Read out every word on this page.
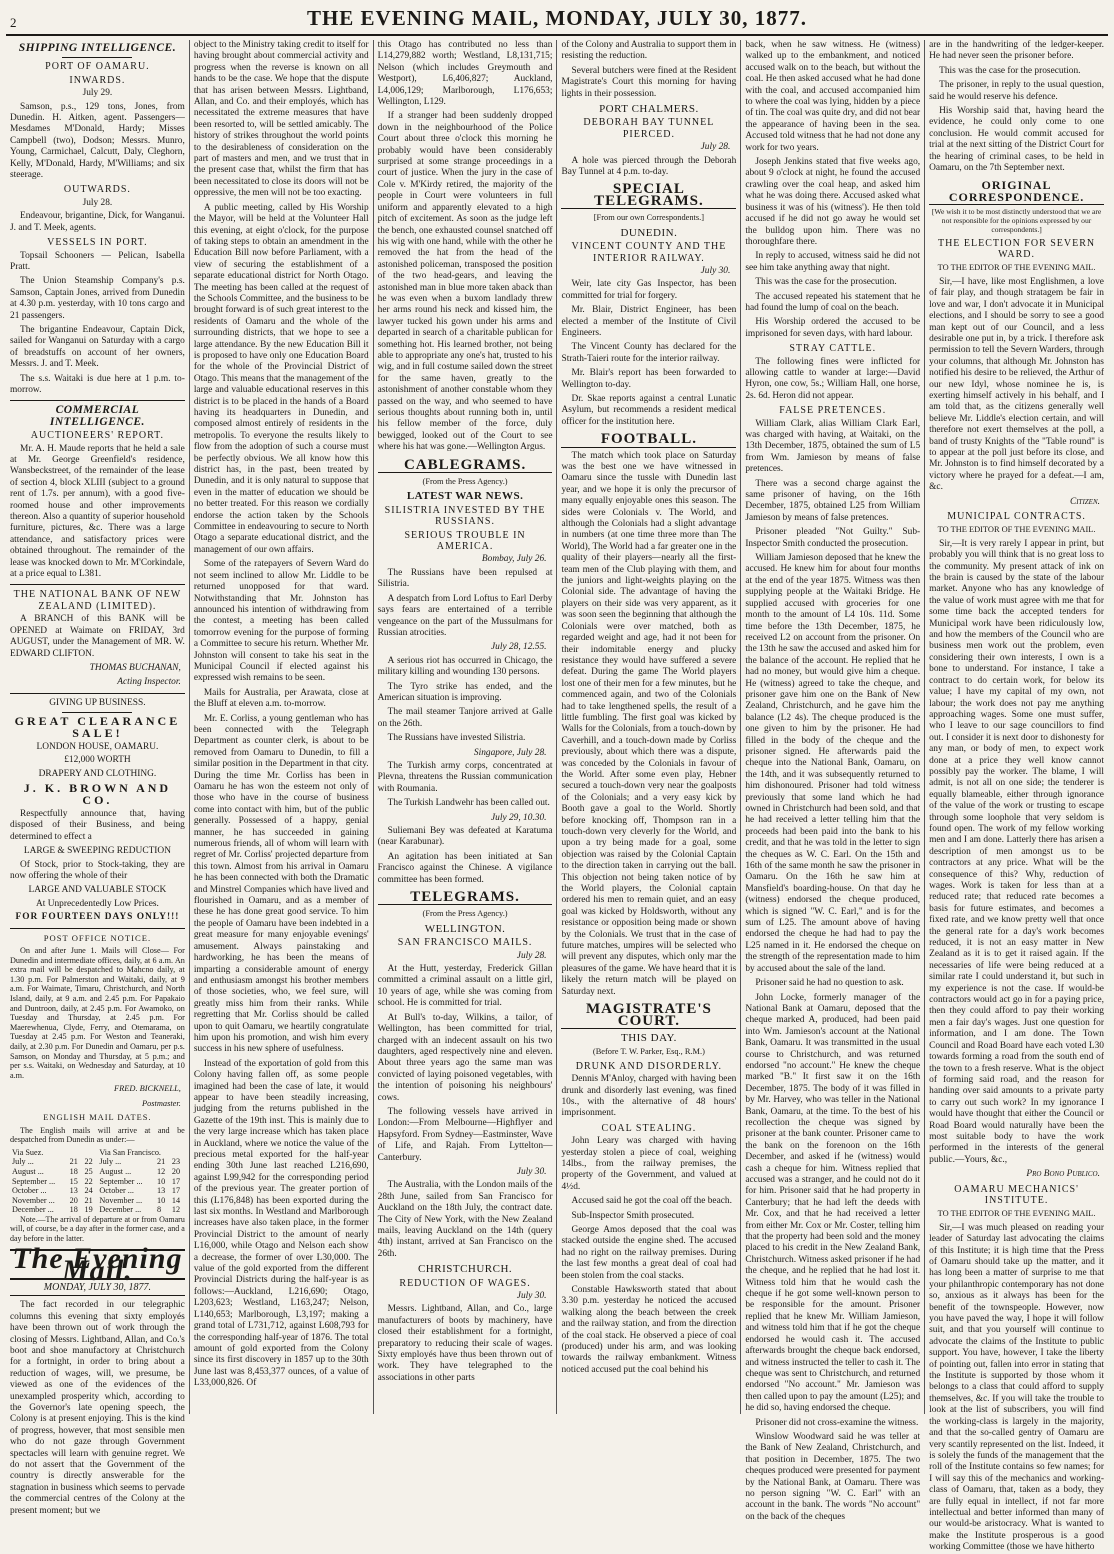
2	THE EVENING MAIL, MONDAY, JULY 30, 1877.
SHIPPING INTELLIGENCE.
PORT OF OAMARU.
INWARDS.
July 29.

Samson, p.s., 129 tons, Jones, from Dunedin. H. Aitken, agent. Passengers—Mesdames M'Donald, Hardy; Misses Campbell (two), Dodson; Messrs. Munro, Young, Carmichael, Calcutt, Daly, Cleghorn, Kelly, M'Donald, Hardy, M'Williams; and six steerage.

OUTWARDS.
July 28.

Endeavour, brigantine, Dick, for Wanganui. J. and T. Meek, agents.

VESSELS IN PORT.

Topsail Schooners — Pelican, Isabella Pratt.

The Union Steamship Company's p.s. Samson, Captain Jones, arrived from Dunedin at 4.30 p.m. yesterday, with 10 tons cargo and 21 passengers.

The brigantine Endeavour, Captain Dick, sailed for Wanganui on Saturday with a cargo of breadstuffs on account of her owners, Messrs. J. and T. Meek.

The s.s. Waitaki is due here at 1 p.m. to-morrow.

COMMERCIAL INTELLIGENCE.
AUCTIONEERS' REPORT.

Mr. A. H. Maude reports that he held a sale at Mr. George Greenfield's residence, Wansbeckstreet, of the remainder of the lease of section 4, block XLIII (subject to a ground rent of 1.7s. per annum), with a good five-roomed house and other improvements thereon. Also a quantity of superior household furniture, pictures, &c. There was a large attendance, and satisfactory prices were obtained throughout. The remainder of the lease was knocked down to Mr. M'Corkindale, at a price equal to L381.

THE NATIONAL BANK OF NEW ZEALAND (LIMITED).

A BRANCH of this BANK will be OPENED at Waimate on FRIDAY, 3rd AUGUST, under the Management of MR. W. EDWARD CLIFTON.

THOMAS BUCHANAN,
Acting Inspector.
GIVING UP BUSINESS.
GREAT CLEARANCE SALE!
LONDON HOUSE, OAMARU.
£12,000 WORTH
DRAPERY AND CLOTHING.
J. K. BROWN AND CO.

Respectfully announce that, having disposed of their Business, and being determined to effect a

LARGE & SWEEPING REDUCTION

Of Stock, prior to Stock-taking, they are now offering the whole of their

LARGE AND VALUABLE STOCK
At Unprecedentedly Low Prices.
FOR FOURTEEN DAYS ONLY!!!
POST OFFICE NOTICE.

On and after June 1. Mails will Close— For Dunedin and intermediate offices, daily, at 6 a.m. An extra mail will be despatched to Mahcno daily, at 1.30 p.m. For Palmerston and Waitaki, daily, at 9 a.m. For Waimate, Timaru, Christchurch, and North Island, daily, at 9 a.m. and 2.45 p.m. For Papakaio and Duntroon, daily, at 2.45 p.m. For Awamoko, on Tuesday and Thursday, at 2.45 p.m. For Maerewhenua, Clyde, Ferry, and Otemarama, on Tuesday at 2.45 p.m. For Weston and Teaneraki, daily, at 2.30 p.m. For Dunedin and Oamaru, per p.s. Samson, on Monday and Thursday, at 5 p.m.; and per s.s. Waitaki, on Wednesday and Saturday, at 10 a.m.

FRED. BICKNELL,
Postmaster.
ENGLISH MAIL DATES.

The English mails will arrive at and be despatched from Dunedin as under:—

Via Suez.			Via San Francisco.		
July ...	21	22	July ...	21	23
August ...	18	25	August ...	12	20
September ...	15	22	September ...	10	17
October ...	13	24	October ...	13	17
November ...	20	21	November ...	10	14
December ...	18	19	December ...	8	12

Note.—The arrival of departure at or from Oamaru will, of course, be a day after in the former case, and a day before in the latter.

The Evening Mail.
MONDAY, JULY 30, 1877.

The fact recorded in our telegraphic columns this evening that sixty employés have been thrown out of work through the closing of Messrs. Lightband, Allan, and Co.'s boot and shoe manufactory at Christchurch for a fortnight, in order to bring about a reduction of wages, will, we presume, be viewed as one of the evidences of the unexampled prosperity which, according to the Governor's late opening speech, the Colony is at present enjoying. This is the kind of progress, however, that most sensible men who do not gaze through Government spectacles will learn with genuine regret. We do not assert that the Government of the country is directly answerable for the stagnation in business which seems to pervade the commercial centres of the Colony at the present moment; but we

object to the Ministry taking credit to itself for having brought about commercial activity and progress when the reverse is known on all hands to be the case. We hope that the dispute that has arisen between Messrs. Lightband, Allan, and Co. and their employés, which has necessitated the extreme measures that have been resorted to, will be settled amicably. The history of strikes throughout the world points to the desirableness of consideration on the part of masters and men, and we trust that in the present case that, whilst the firm that has been necessitated to close its doors will not be oppressive, the men will not be too exacting.

A public meeting, called by His Worship the Mayor, will be held at the Volunteer Hall this evening, at eight o'clock, for the purpose of taking steps to obtain an amendment in the Education Bill now before Parliament, with a view of securing the establishment of a separate educational district for North Otago. The meeting has been called at the request of the Schools Committee, and the business to be brought forward is of such great interest to the residents of Oamaru and the whole of the surrounding districts, that we hope to see a large attendance. By the new Education Bill it is proposed to have only one Education Board for the whole of the Provincial District of Otago. This means that the management of the large and valuable educational reserves in this district is to be placed in the hands of a Board having its headquarters in Dunedin, and composed almost entirely of residents in the metropolis. To everyone the results likely to flow from the adoption of such a course must be perfectly obvious. We all know how this district has, in the past, been treated by Dunedin, and it is only natural to suppose that even in the matter of education we should be no better treated. For this reason we cordially endorse the action taken by the Schools Committee in endeavouring to secure to North Otago a separate educational district, and the management of our own affairs.

Some of the ratepayers of Severn Ward do not seem inclined to allow Mr. Liddle to be returned unopposed for that ward. Notwithstanding that Mr. Johnston has announced his intention of withdrawing from the contest, a meeting has been called tomorrow evening for the purpose of forming a Committee to secure his return. Whether Mr. Johnston will consent to take his seat in the Municipal Council if elected against his expressed wish remains to be seen.

Mails for Australia, per Arawata, close at the Bluff at eleven a.m. to-morrow.

Mr. E. Corliss, a young gentleman who has been connected with the Telegraph Department as counter clerk, is about to be removed from Oamaru to Dunedin, to fill a similar position in the Department in that city. During the time Mr. Corliss has been in Oamaru he has won the esteem not only of those who have in the course of business come into contact with him, but of the public generally. Possessed of a happy, genial manner, he has succeeded in gaining numerous friends, all of whom will learn with regret of Mr. Corliss' projected departure from this town. Almost from his arrival in Oamaru he has been connected with both the Dramatic and Minstrel Companies which have lived and flourished in Oamaru, and as a member of these he has done great good service. To him the people of Oamaru have been indebted in a great measure for many enjoyable evenings' amusement. Always painstaking and hardworking, he has been the means of imparting a considerable amount of energy and enthusiasm amongst his brother members of those societies, who, we feel sure, will greatly miss him from their ranks. While regretting that Mr. Corliss should be called upon to quit Oamaru, we heartily congratulate him upon his promotion, and wish him every success in his new sphere of usefulness.

Instead of the exportation of gold from this Colony having fallen off, as some people imagined had been the case of late, it would appear to have been steadily increasing, judging from the returns published in the Gazette of the 19th inst. This is mainly due to the very large increase which has taken place in Auckland, where we notice the value of the precious metal exported for the half-year ending 30th June last reached L216,690, against L99,942 for the corresponding period of the previous year. The greater portion of this (L176,848) has been exported during the last six months. In Westland and Marlborough increases have also taken place, in the former Provincial District to the amount of nearly L16,000, while Otago and Nelson each show a decrease, the former of over L30,000. The value of the gold exported from the different Provincial Districts during the half-year is as follows:—Auckland, L216,690; Otago, L203,623; Westland, L163,247; Nelson, L140,653; Marlborough, L3,197; making a grand total of L731,712, against L608,793 for the corresponding half-year of 1876. The total amount of gold exported from the Colony since its first discovery in 1857 up to the 30th June last was 8,453,377 ounces, of a value of L33,000,826. Of

this Otago has contributed no less than L14,279,882 worth; Westland, L8,131,715; Nelson (which includes Greymouth and Westport), L6,406,827; Auckland, L4,006,129; Marlborough, L176,653; Wellington, L129.

If a stranger had been suddenly dropped down in the neighbourhood of the Police Court about three o'clock this morning he probably would have been considerably surprised at some strange proceedings in a court of justice. When the jury in the case of Cole v. M'Kirdy retired, the majority of the people in Court were volunteers in full uniform and apparently elevated to a high pitch of excitement. As soon as the judge left the bench, one exhausted counsel snatched off his wig with one hand, while with the other he removed the hat from the head of the astonished policeman, transposed the position of the two head-gears, and leaving the astonished man in blue more taken aback than he was even when a buxom landlady threw her arms round his neck and kissed him, the lawyer tucked his gown under his arms and departed in search of a charitable publican for something hot. His learned brother, not being able to appropriate any one's hat, trusted to his wig, and in full costume sailed down the street for the same haven, greatly to the astonishment of another constable whom they passed on the way, and who seemed to have serious thoughts about running both in, until his fellow member of the force, duly bewigged, looked out of the Court to see where his hat was gone.—Wellington Argus.

CABLEGRAMS.
(From the Press Agency.)
LATEST WAR NEWS.
SILISTRIA INVESTED BY THE RUSSIANS.
SERIOUS TROUBLE IN AMERICA.
Bombay, July 26.

The Russians have been repulsed at Silistria.

A despatch from Lord Loftus to Earl Derby says fears are entertained of a terrible vengeance on the part of the Mussulmans for Russian atrocities.

July 28, 12.55.

A serious riot has occurred in Chicago, the military killing and wounding 130 persons.

The Tyro strike has ended, and the American situation is improving.

The mail steamer Tanjore arrived at Galle on the 26th.

The Russians have invested Silistria.

Singapore, July 28.

The Turkish army corps, concentrated at Plevna, threatens the Russian communication with Roumania.

The Turkish Landwehr has been called out.

July 29, 10.30.

Suliemani Bey was defeated at Karatuma (near Karabunar).

An agitation has been initiated at San Francisco against the Chinese. A vigilance committee has been formed.

TELEGRAMS.
(From the Press Agency.)
WELLINGTON.
SAN FRANCISCO MAILS.
July 28.

At the Hutt, yesterday, Frederick Gillan committed a criminal assault on a little girl, 10 years of age, while she was coming from school. He is committed for trial.

At Bull's to-day, Wilkins, a tailor, of Wellington, has been committed for trial, charged with an indecent assault on his two daughters, aged respectively nine and eleven. About three years ago the same man was convicted of laying poisoned vegetables, with the intention of poisoning his neighbours' cows.

The following vessels have arrived in London:—From Melbourne—Highflyer and Hapsyford. From Sydney—Eastminster, Wave of Life, and Rajah. From Lyttelton—Canterbury.

July 30.

The Australia, with the London mails of the 28th June, sailed from San Francisco for Auckland on the 18th July, the contract date. The City of New York, with the New Zealand mails, leaving Auckland on the 14th (query 4th) instant, arrived at San Francisco on the 26th.

CHRISTCHURCH.
REDUCTION OF WAGES.
July 30.

Messrs. Lightband, Allan, and Co., large manufacturers of boots by machinery, have closed their establishment for a fortnight, preparatory to reducing their scale of wages. Sixty employés have thus been thrown out of work. They have telegraphed to the associations in other parts

of the Colony and Australia to support them in resisting the reduction.

Several butchers were fined at the Resident Magistrate's Court this morning for having lights in their possession.

PORT CHALMERS.
DEBORAH BAY TUNNEL PIERCED.
July 28.

A hole was pierced through the Deborah Bay Tunnel at 4 p.m. to-day.

SPECIAL TELEGRAMS.
[From our own Correspondents.]
DUNEDIN.
VINCENT COUNTY AND THE INTERIOR RAILWAY.
July 30.

Weir, late city Gas Inspector, has been committed for trial for forgery.

Mr. Blair, District Engineer, has been elected a member of the Institute of Civil Engineers.

The Vincent County has declared for the Strath-Taieri route for the interior railway.

Mr. Blair's report has been forwarded to Wellington to-day.

Dr. Skae reports against a central Lunatic Asylum, but recommends a resident medical officer for the institution here.

FOOTBALL.

The match which took place on Saturday was the best one we have witnessed in Oamaru since the tussle with Dunedin last year, and we hope it is only the precursor of many equally enjoyable ones this season. The sides were Colonials v. The World, and although the Colonials had a slight advantage in numbers (at one time three more than The World), The World had a far greater one in the quality of their players—nearly all the first-team men of the Club playing with them, and the juniors and light-weights playing on the Colonial side. The advantage of having the players on their side was very apparent, as it was soon seen the beginning that although the Colonials were over matched, both as regarded weight and age, had it not been for their indomitable energy and plucky resistance they would have suffered a severe defeat. During the game The World players lost one of their men for a few minutes, but he commenced again, and two of the Colonials had to take lengthened spells, the result of a little fumbling. The first goal was kicked by Walls for the Colonials, from a touch-down by Caverhill, and a touch-down made by Corliss previously, about which there was a dispute, was conceded by the Colonials in favour of the World. After some even play, Hebner secured a touch-down very near the goalposts of the Colonials; and a very easy kick by Booth gave a goal to the World. Shortly before knocking off, Thompson ran in a touch-down very cleverly for the World, and upon a try being made for a goal, some objection was raised by the Colonial Captain to the direction taken in carrying out the ball. This objection not being taken notice of by the World players, the Colonial captain ordered his men to remain quiet, and an easy goal was kicked by Holdsworth, without any resistance or opposition being made or shown by the Colonials. We trust that in the case of future matches, umpires will be selected who will prevent any disputes, which only mar the pleasures of the game. We have heard that it is likely the return match will be played on Saturday next.

MAGISTRATE'S COURT.
THIS DAY.
(Before T. W. Parker, Esq., R.M.)
DRUNK AND DISORDERLY.

Dennis M'Anloy, charged with having been drunk and disorderly last evening, was fined 10s., with the alternative of 48 hours' imprisonment.

COAL STEALING.

John Leary was charged with having yesterday stolen a piece of coal, weighing 14lbs., from the railway premises, the property of the Government, and valued at 4½d.

Accused said he got the coal off the beach.

Sub-Inspector Smith prosecuted.

George Amos deposed that the coal was stacked outside the engine shed. The accused had no right on the railway premises. During the last few months a great deal of coal had been stolen from the coal stacks.

Constable Hawksworth stated that about 3.30 p.m. yesterday he noticed the accused walking along the beach between the creek and the railway station, and from the direction of the coal stack. He observed a piece of coal (produced) under his arm, and was looking towards the railway embankment. Witness noticed accused put the coal behind his

back, when he saw witness. He (witness) walked up to the embankment, and noticed accused walk on to the beach, but without the coal. He then asked accused what he had done with the coal, and accused accompanied him to where the coal was lying, hidden by a piece of tin. The coal was quite dry, and did not bear the appearance of having been in the sea. Accused told witness that he had not done any work for two years.

Joseph Jenkins stated that five weeks ago, about 9 o'clock at night, he found the accused crawling over the coal heap, and asked him what he was doing there. Accused asked what business it was of his (witness'). He then told accused if he did not go away he would set the bulldog upon him. There was no thoroughfare there.

In reply to accused, witness said he did not see him take anything away that night.

This was the case for the prosecution.

The accused repeated his statement that he had found the lump of coal on the beach.

His Worship ordered the accused to be imprisoned for seven days, with hard labour.

STRAY CATTLE.

The following fines were inflicted for allowing cattle to wander at large:—David Hyron, one cow, 5s.; William Hall, one horse, 2s. 6d. Heron did not appear.

FALSE PRETENCES.

William Clark, alias William Clark Earl, was charged with having, at Waitaki, on the 13th December, 1875, obtained the sum of L5 from Wm. Jamieson by means of false pretences.

There was a second charge against the same prisoner of having, on the 16th December, 1875, obtained L25 from William Jamieson by means of false pretences.

Prisoner pleaded "Not Guilty." Sub-Inspector Smith conducted the prosecution.

William Jamieson deposed that he knew the accused. He knew him for about four months at the end of the year 1875. Witness was then supplying people at the Waitaki Bridge. He supplied accused with groceries for one month to the amount of L4 10s. 11d. Some time before the 13th December, 1875, he received L2 on account from the prisoner. On the 13th he saw the accused and asked him for the balance of the account. He replied that he had no money, but would give him a cheque. He (witness) agreed to take the cheque, and prisoner gave him one on the Bank of New Zealand, Christchurch, and he gave him the balance (L2 4s). The cheque produced is the one given to him by the prisoner. He had filled in the body of the cheque and the prisoner signed. He afterwards paid the cheque into the National Bank, Oamaru, on the 14th, and it was subsequently returned to him dishonoured. Prisoner had told witness previously that some land which he had owned in Christchurch had been sold, and that he had received a letter telling him that the proceeds had been paid into the bank to his credit, and that he was told in the letter to sign the cheques as W. C. Earl. On the 15th and 16th of the same month he saw the prisoner in Oamaru. On the 16th he saw him at Mansfield's boarding-house. On that day he (witness) endorsed the cheque produced, which is signed "W. C. Earl," and is for the sum of L25. The amount above of having endorsed the cheque he had had to pay the L25 named in it. He endorsed the cheque on the strength of the representation made to him by accused about the sale of the land.

Prisoner said he had no question to ask.

John Locke, formerly manager of the National Bank at Oamaru, deposed that the cheque marked A, produced, had been paid into Wm. Jamieson's account at the National Bank, Oamaru. It was transmitted in the usual course to Christchurch, and was returned endorsed "no account." He knew the cheque marked "B." It first saw it on the 16th December, 1875. The body of it was filled in by Mr. Harvey, who was teller in the National Bank, Oamaru, at the time. To the best of his recollection the cheque was signed by prisoner at the bank counter. Prisoner came to the bank on the forenoon on the 16th December, and asked if he (witness) would cash a cheque for him. Witness replied that accused was a stranger, and he could not do it for him. Prisoner said that he had property in Canterbury; that he had left the deeds with Mr. Cox, and that he had received a letter from either Mr. Cox or Mr. Coster, telling him that the property had been sold and the money placed to his credit in the New Zealand Bank, Christchurch. Witness asked prisoner if he had the cheque, and he replied that he had lost it. Witness told him that he would cash the cheque if he got some well-known person to be responsible for the amount. Prisoner replied that he knew Mr. William Jamieson, and witness told him that if he got the cheque endorsed he would cash it. The accused afterwards brought the cheque back endorsed, and witness instructed the teller to cash it. The cheque was sent to Christchurch, and returned endorsed "No account." Mr. Jamieson was then called upon to pay the amount (L25); and he did so, having endorsed the cheque.

Prisoner did not cross-examine the witness.

Winslow Woodward said he was teller at the Bank of New Zealand, Christchurch, and that position in December, 1875. The two cheques produced were presented for payment by the National Bank, at Oamaru. There was no person signing "W. C. Earl" with an account in the bank. The words "No account" on the back of the cheques

are in the handwriting of the ledger-keeper. He had never seen the prisoner before.

This was the case for the prosecution.

The prisoner, in reply to the usual question, said he would reserve his defence.

His Worship said that, having heard the evidence, he could only come to one conclusion. He would commit accused for trial at the next sitting of the District Court for the hearing of criminal cases, to be held in Oamaru, on the 7th September next.

ORIGINAL CORRESPONDENCE.
[We wish it to be most distinctly understood that we are not responsible for the opinions expressed by our correspondents.]
THE ELECTION FOR SEVERN WARD.
TO THE EDITOR OF THE EVENING MAIL.

Sir,—I have, like most Englishmen, a love of fair play, and though stratagem be fair in love and war, I don't advocate it in Municipal elections, and I should be sorry to see a good man kept out of our Council, and a less desirable one put in, by a trick. I therefore ask permission to tell the Severn Warders, through your columns, that although Mr. Johnston has notified his desire to be relieved, the Arthur of our new Idyl, whose nominee he is, is exerting himself actively in his behalf, and I am told that, as the citizens generally well believe Mr. Liddle's election certain, and will therefore not exert themselves at the poll, a band of trusty Knights of the "Table round" is to appear at the poll just before its close, and Mr. Johnston is to find himself decorated by a victory where he prayed for a defeat.—I am, &c.

Citizen.
MUNICIPAL CONTRACTS.
TO THE EDITOR OF THE EVENING MAIL.

Sir,—It is very rarely I appear in print, but probably you will think that is no great loss to the community. My present attack of ink on the brain is caused by the state of the labour market. Anyone who has any knowledge of the value of work must agree with me that for some time back the accepted tenders for Municipal work have been ridiculously low, and how the members of the Council who are business men work out the problem, even considering their own interests, I own is a bone to understand. For instance, I take a contract to do certain work, for below its value; I have my capital of my own, not labour; the work does not pay me anything approaching wages. Some one must suffer, who I leave to our sage councillors to find out. I consider it is next door to dishonesty for any man, or body of men, to expect work done at a price they well know cannot possibly pay the worker. The blame, I will admit, is not all on one side; the tenderer is equally blameable, either through ignorance of the value of the work or trusting to escape through some loophole that very seldom is found open. The work of my fellow working men and I am done. Latterly there has arisen a description of men amongst us to be contractors at any price. What will be the consequence of this? Why, reduction of wages. Work is taken for less than at a reduced rate; that reduced rate becomes a basis for future estimates, and becomes a fixed rate, and we know pretty well that once the general rate for a day's work becomes reduced, it is not an easy matter in New Zealand as it is to get it raised again. If the necessaries of life were being reduced at a similar rate I could understand it, but such in my experience is not the case. If would-be contractors would act go in for a paying price, then they could afford to pay their working men a fair day's wages. Just one question for information, and I am done. The Town Council and Road Board have each voted L30 towards forming a road from the south end of the town to a fresh reserve. What is the object of forming said road, and the reason for handing over said amounts to a private party to carry out such work? In my ignorance I would have thought that either the Council or Road Board would naturally have been the most suitable body to have the work performed in the interests of the general public.—Yours, &c.,

Pro Bono Publico.
OAMARU MECHANICS' INSTITUTE.
TO THE EDITOR OF THE EVENING MAIL.

Sir,—I was much pleased on reading your leader of Saturday last advocating the claims of this Institute; it is high time that the Press of Oamaru should take up the matter, and it has long been a matter of surprise to me that your philanthropic contemporary has not done so, anxious as it always has been for the benefit of the townspeople. However, now you have paved the way, I hope it will follow suit, and that you yourself will continue to advocate the claims of the Institute to public support. You have, however, I take the liberty of pointing out, fallen into error in stating that the Institute is supported by those whom it belongs to a class that could afford to supply themselves, &c. If you will take the trouble to look at the list of subscribers, you will find the working-class is largely in the majority, and that the so-called gentry of Oamaru are very scantily represented on the list. Indeed, it is solely the funds of the management that the roll of the Institute contains so few names; for I will say this of the mechanics and working-class of Oamaru, that, taken as a body, they are fully equal in intellect, if not far more intellectual and better informed than many of our would-be aristocracy. What is wanted to make the Institute prosperous is a good working Committee (those we have hitherto
